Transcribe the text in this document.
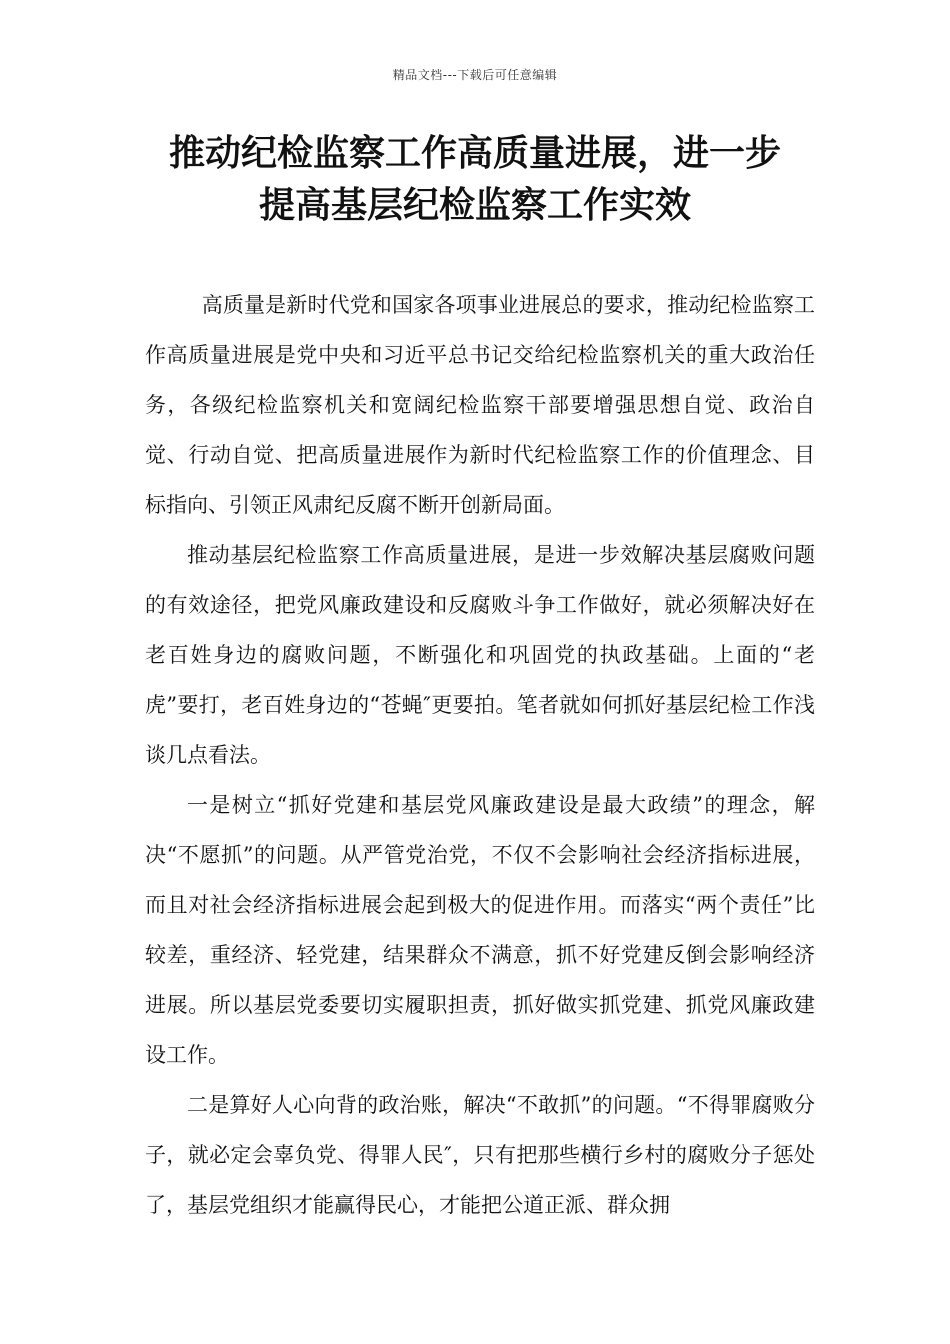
精品文档---下载后可任意编辑
推动纪检监察工作高质量进展，进一步
提高基层纪检监察工作实效

高质量是新时代党和国家各项事业进展总的要求，推动纪检监察工作高质量进展是党中央和习近平总书记交给纪检监察机关的重大政治任务，各级纪检监察机关和宽阔纪检监察干部要增强思想自觉、政治自觉、行动自觉、把高质量进展作为新时代纪检监察工作的价值理念、目标指向、引领正风肃纪反腐不断开创新局面。

推动基层纪检监察工作高质量进展，是进一步效解决基层腐败问题的有效途径，把党风廉政建设和反腐败斗争工作做好，就必须解决好在老百姓身边的腐败问题，不断强化和巩固党的执政基础。上面的“老虎”要打，老百姓身边的“苍蝇″更要拍。笔者就如何抓好基层纪检工作浅谈几点看法。

一是树立“抓好党建和基层党风廉政建设是最大政绩”的理念，解决“不愿抓”的问题。从严管党治党，不仅不会影响社会经济指标进展，而且对社会经济指标进展会起到极大的促进作用。而落实“两个责任”比较差，重经济、轻党建，结果群众不满意，抓不好党建反倒会影响经济进展。所以基层党委要切实履职担责，抓好做实抓党建、抓党风廉政建设工作。

二是算好人心向背的政治账，解决“不敢抓”的问题。“不得罪腐败分子，就必定会辜负党、得罪人民″，只有把那些横行乡村的腐败分子惩处了，基层党组织才能赢得民心，才能把公道正派、群众拥
